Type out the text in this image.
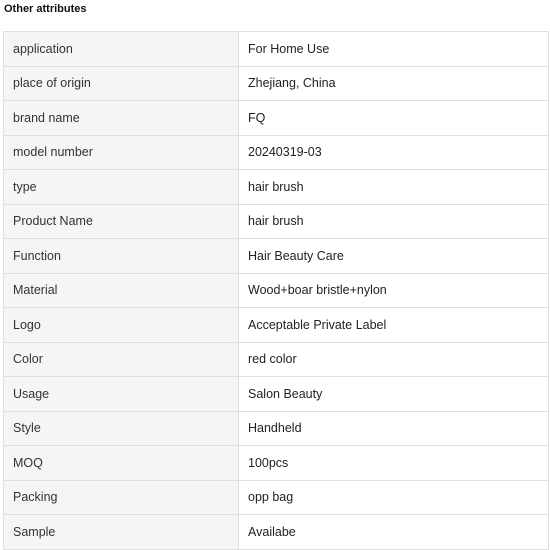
Other attributes
application	For Home Use
place of origin	Zhejiang, China
brand name	FQ
model number	20240319-03
type	hair brush
Product Name	hair brush
Function	Hair Beauty Care
Material	Wood+boar bristle+nylon
Logo	Acceptable Private Label
Color	red color
Usage	Salon Beauty
Style	Handheld
MOQ	100pcs
Packing	opp bag
Sample	Availabe
